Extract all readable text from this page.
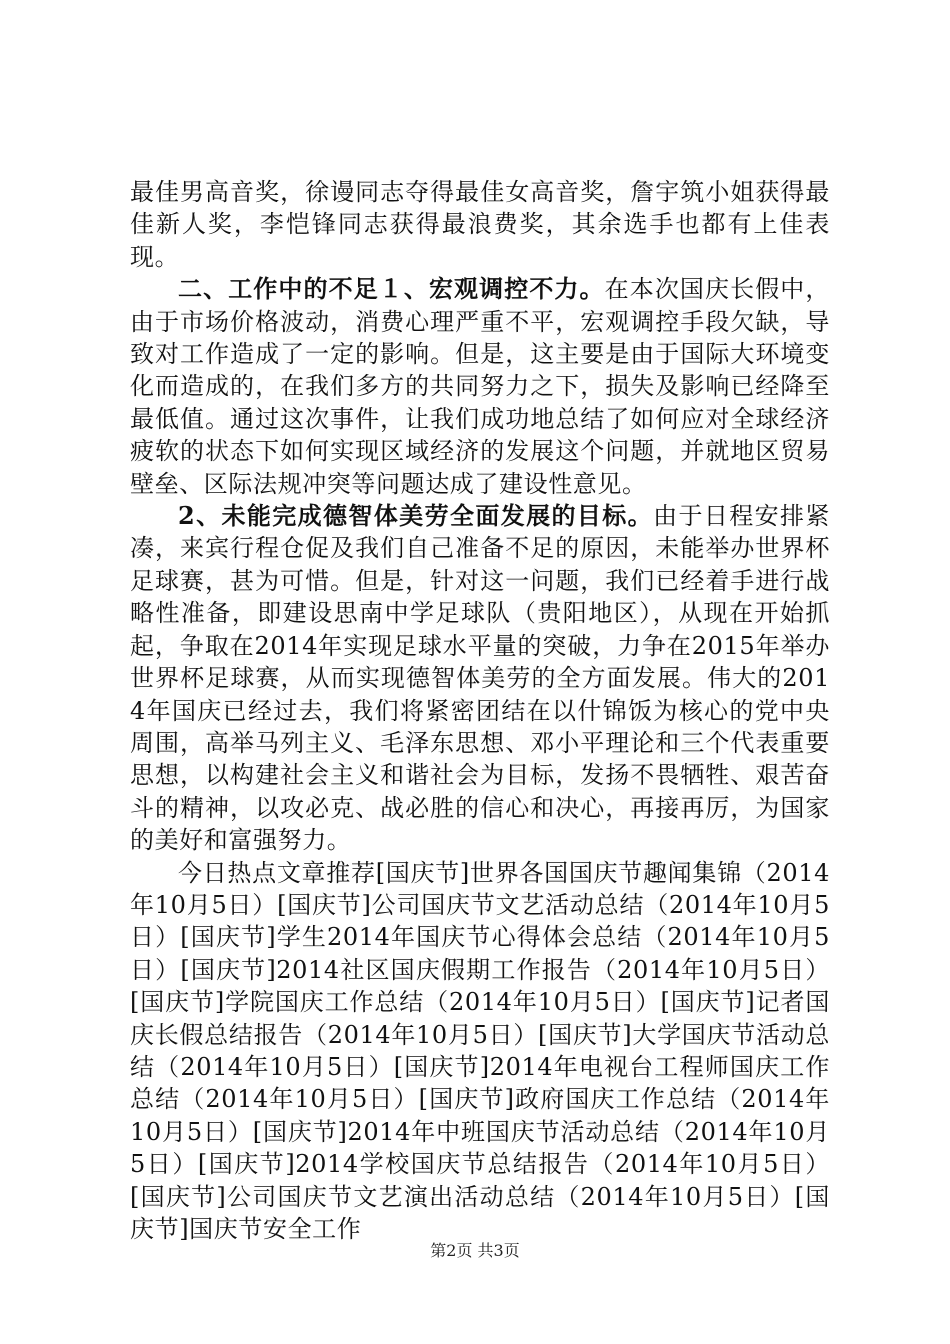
最佳男高音奖，徐谩同志夺得最佳女高音奖，詹宇筑小姐获得最佳新人奖，李恺锋同志获得最浪费奖，其余选手也都有上佳表现。

二、工作中的不足１、宏观调控不力。在本次国庆长假中，由于市场价格波动，消费心理严重不平，宏观调控手段欠缺，导致对工作造成了一定的影响。但是，这主要是由于国际大环境变化而造成的，在我们多方的共同努力之下，损失及影响已经降至最低值。通过这次事件，让我们成功地总结了如何应对全球经济疲软的状态下如何实现区域经济的发展这个问题，并就地区贸易壁垒、区际法规冲突等问题达成了建设性意见。

2、未能完成德智体美劳全面发展的目标。由于日程安排紧凑，来宾行程仓促及我们自己准备不足的原因，未能举办世界杯足球赛，甚为可惜。但是，针对这一问题，我们已经着手进行战略性准备，即建设思南中学足球队（贵阳地区），从现在开始抓起，争取在2014年实现足球水平量的突破，力争在2015年举办世界杯足球赛，从而实现德智体美劳的全方面发展。伟大的2014年国庆已经过去，我们将紧密团结在以什锦饭为核心的党中央周围，高举马列主义、毛泽东思想、邓小平理论和三个代表重要思想，以构建社会主义和谐社会为目标，发扬不畏牺牲、艰苦奋斗的精神，以攻必克、战必胜的信心和决心，再接再厉，为国家的美好和富强努力。

今日热点文章推荐[国庆节]世界各国国庆节趣闻集锦（2014年10月5日）[国庆节]公司国庆节文艺活动总结（2014年10月5日）[国庆节]学生2014年国庆节心得体会总结（2014年10月5日）[国庆节]2014社区国庆假期工作报告（2014年10月5日）[国庆节]学院国庆工作总结（2014年10月5日）[国庆节]记者国庆长假总结报告（2014年10月5日）[国庆节]大学国庆节活动总结（2014年10月5日）[国庆节]2014年电视台工程师国庆工作总结（2014年10月5日）[国庆节]政府国庆工作总结（2014年10月5日）[国庆节]2014年中班国庆节活动总结（2014年10月5日）[国庆节]2014学校国庆节总结报告（2014年10月5日）[国庆节]公司国庆节文艺演出活动总结（2014年10月5日）[国庆节]国庆节安全工作

第2页 共3页
